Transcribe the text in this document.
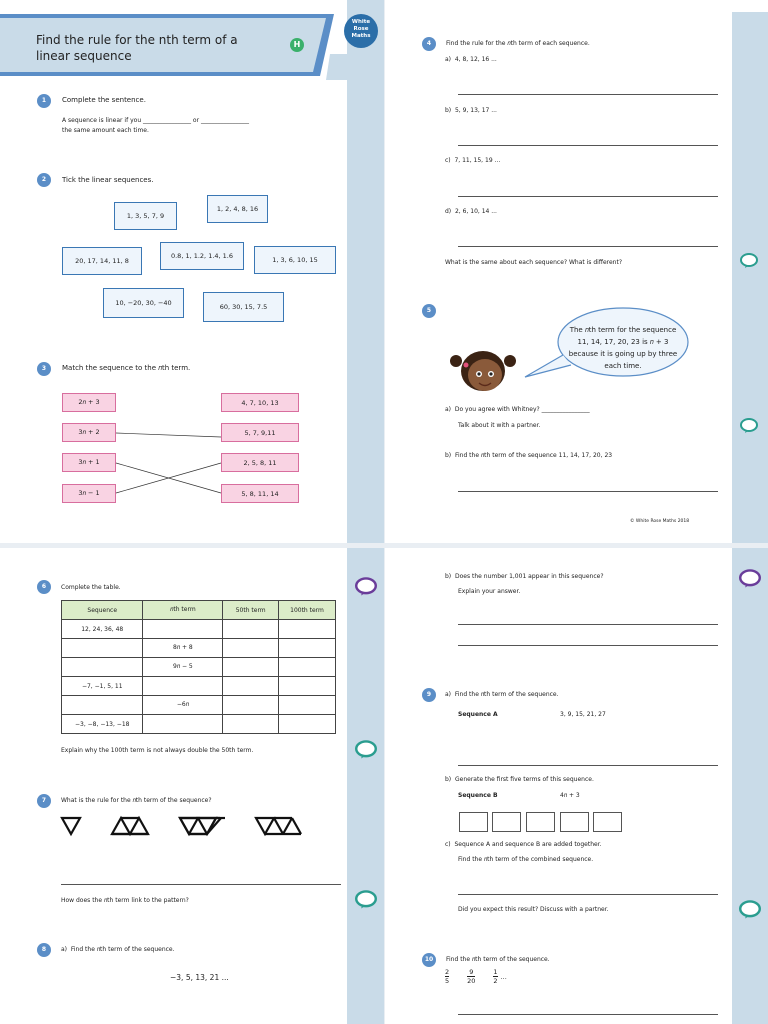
Find the rule for the nth term of a
linear sequence
H
White
Rose
Maths
1	Complete the sentence.
A sequence is linear if you ________________ or ________________
the same amount each time.
2	Tick the linear sequences.
1, 3, 5, 7, 9
1, 2, 4, 8, 16
20, 17, 14, 11, 8
0.8, 1, 1.2, 1.4, 1.6	1, 3, 6, 10, 15
10, −20, 30, −40	60, 30, 15, 7.5
3	Match the sequence to the 𝑛th term.
2𝑛 + 3
3𝑛 + 2
3𝑛 + 1
3𝑛 − 1
4, 7, 10, 13
5, 7, 9,11
2, 5, 8, 11
5, 8, 11, 14
4	Find the rule for the 𝑛th term of each sequence.
a) 4, 8, 12, 16 ...
b) 5, 9, 13, 17 ...
c) 7, 11, 15, 19 ...
d) 2, 6, 10, 14 ...
What is the same about each sequence? What is different?
5
The 𝑛th term for the sequence
11, 14, 17, 20, 23 is 𝑛 + 3
because it is going up by three
each time.
a) Do you agree with Whitney? ________________
Talk about it with a partner.
b) Find the 𝑛th term of the sequence 11, 14, 17, 20, 23
© White Rose Maths 2018
6	Complete the table.
Sequence	𝑛th term	50th term	100th term
12, 24, 36, 48			
	8𝑛 + 8		
	9𝑛 − 5		
−7, −1, 5, 11			
	−6𝑛		
−3, −8, −13, −18			
Explain why the 100th term is not always double the 50th term.
7	What is the rule for the 𝑛th term of the sequence?
How does the 𝑛th term link to the pattern?
8	a) Find the 𝑛th term of the sequence.
−3, 5, 13, 21 ...
b) Does the number 1,001 appear in this sequence?
Explain your answer.
9	a) Find the 𝑛th term of the sequence.
Sequence A	3, 9, 15, 21, 27
b) Generate the first five terms of this sequence.
Sequence B	4𝑛 + 3
c) Sequence A and sequence B are added together.
Find the 𝑛th term of the combined sequence.
Did you expect this result? Discuss with a partner.
10	Find the 𝑛th term of the sequence.
2
5
9
20
1
2
...
